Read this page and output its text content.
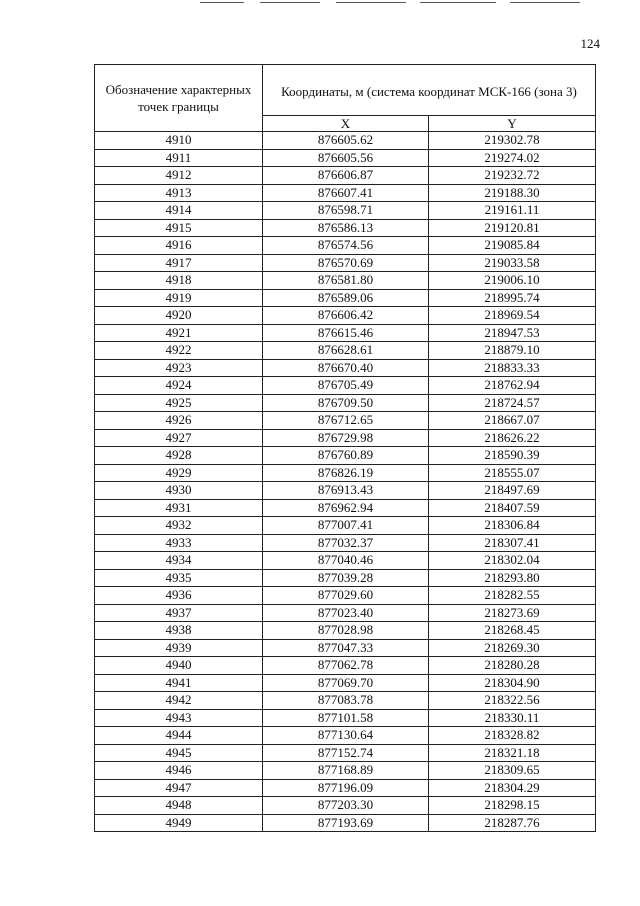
124
Обозначение характерных точек границы	Координаты, м (система координат МСК-166 (зона 3)	
	X	Y
4910	876605.62	219302.78
4911	876605.56	219274.02
4912	876606.87	219232.72
4913	876607.41	219188.30
4914	876598.71	219161.11
4915	876586.13	219120.81
4916	876574.56	219085.84
4917	876570.69	219033.58
4918	876581.80	219006.10
4919	876589.06	218995.74
4920	876606.42	218969.54
4921	876615.46	218947.53
4922	876628.61	218879.10
4923	876670.40	218833.33
4924	876705.49	218762.94
4925	876709.50	218724.57
4926	876712.65	218667.07
4927	876729.98	218626.22
4928	876760.89	218590.39
4929	876826.19	218555.07
4930	876913.43	218497.69
4931	876962.94	218407.59
4932	877007.41	218306.84
4933	877032.37	218307.41
4934	877040.46	218302.04
4935	877039.28	218293.80
4936	877029.60	218282.55
4937	877023.40	218273.69
4938	877028.98	218268.45
4939	877047.33	218269.30
4940	877062.78	218280.28
4941	877069.70	218304.90
4942	877083.78	218322.56
4943	877101.58	218330.11
4944	877130.64	218328.82
4945	877152.74	218321.18
4946	877168.89	218309.65
4947	877196.09	218304.29
4948	877203.30	218298.15
4949	877193.69	218287.76
